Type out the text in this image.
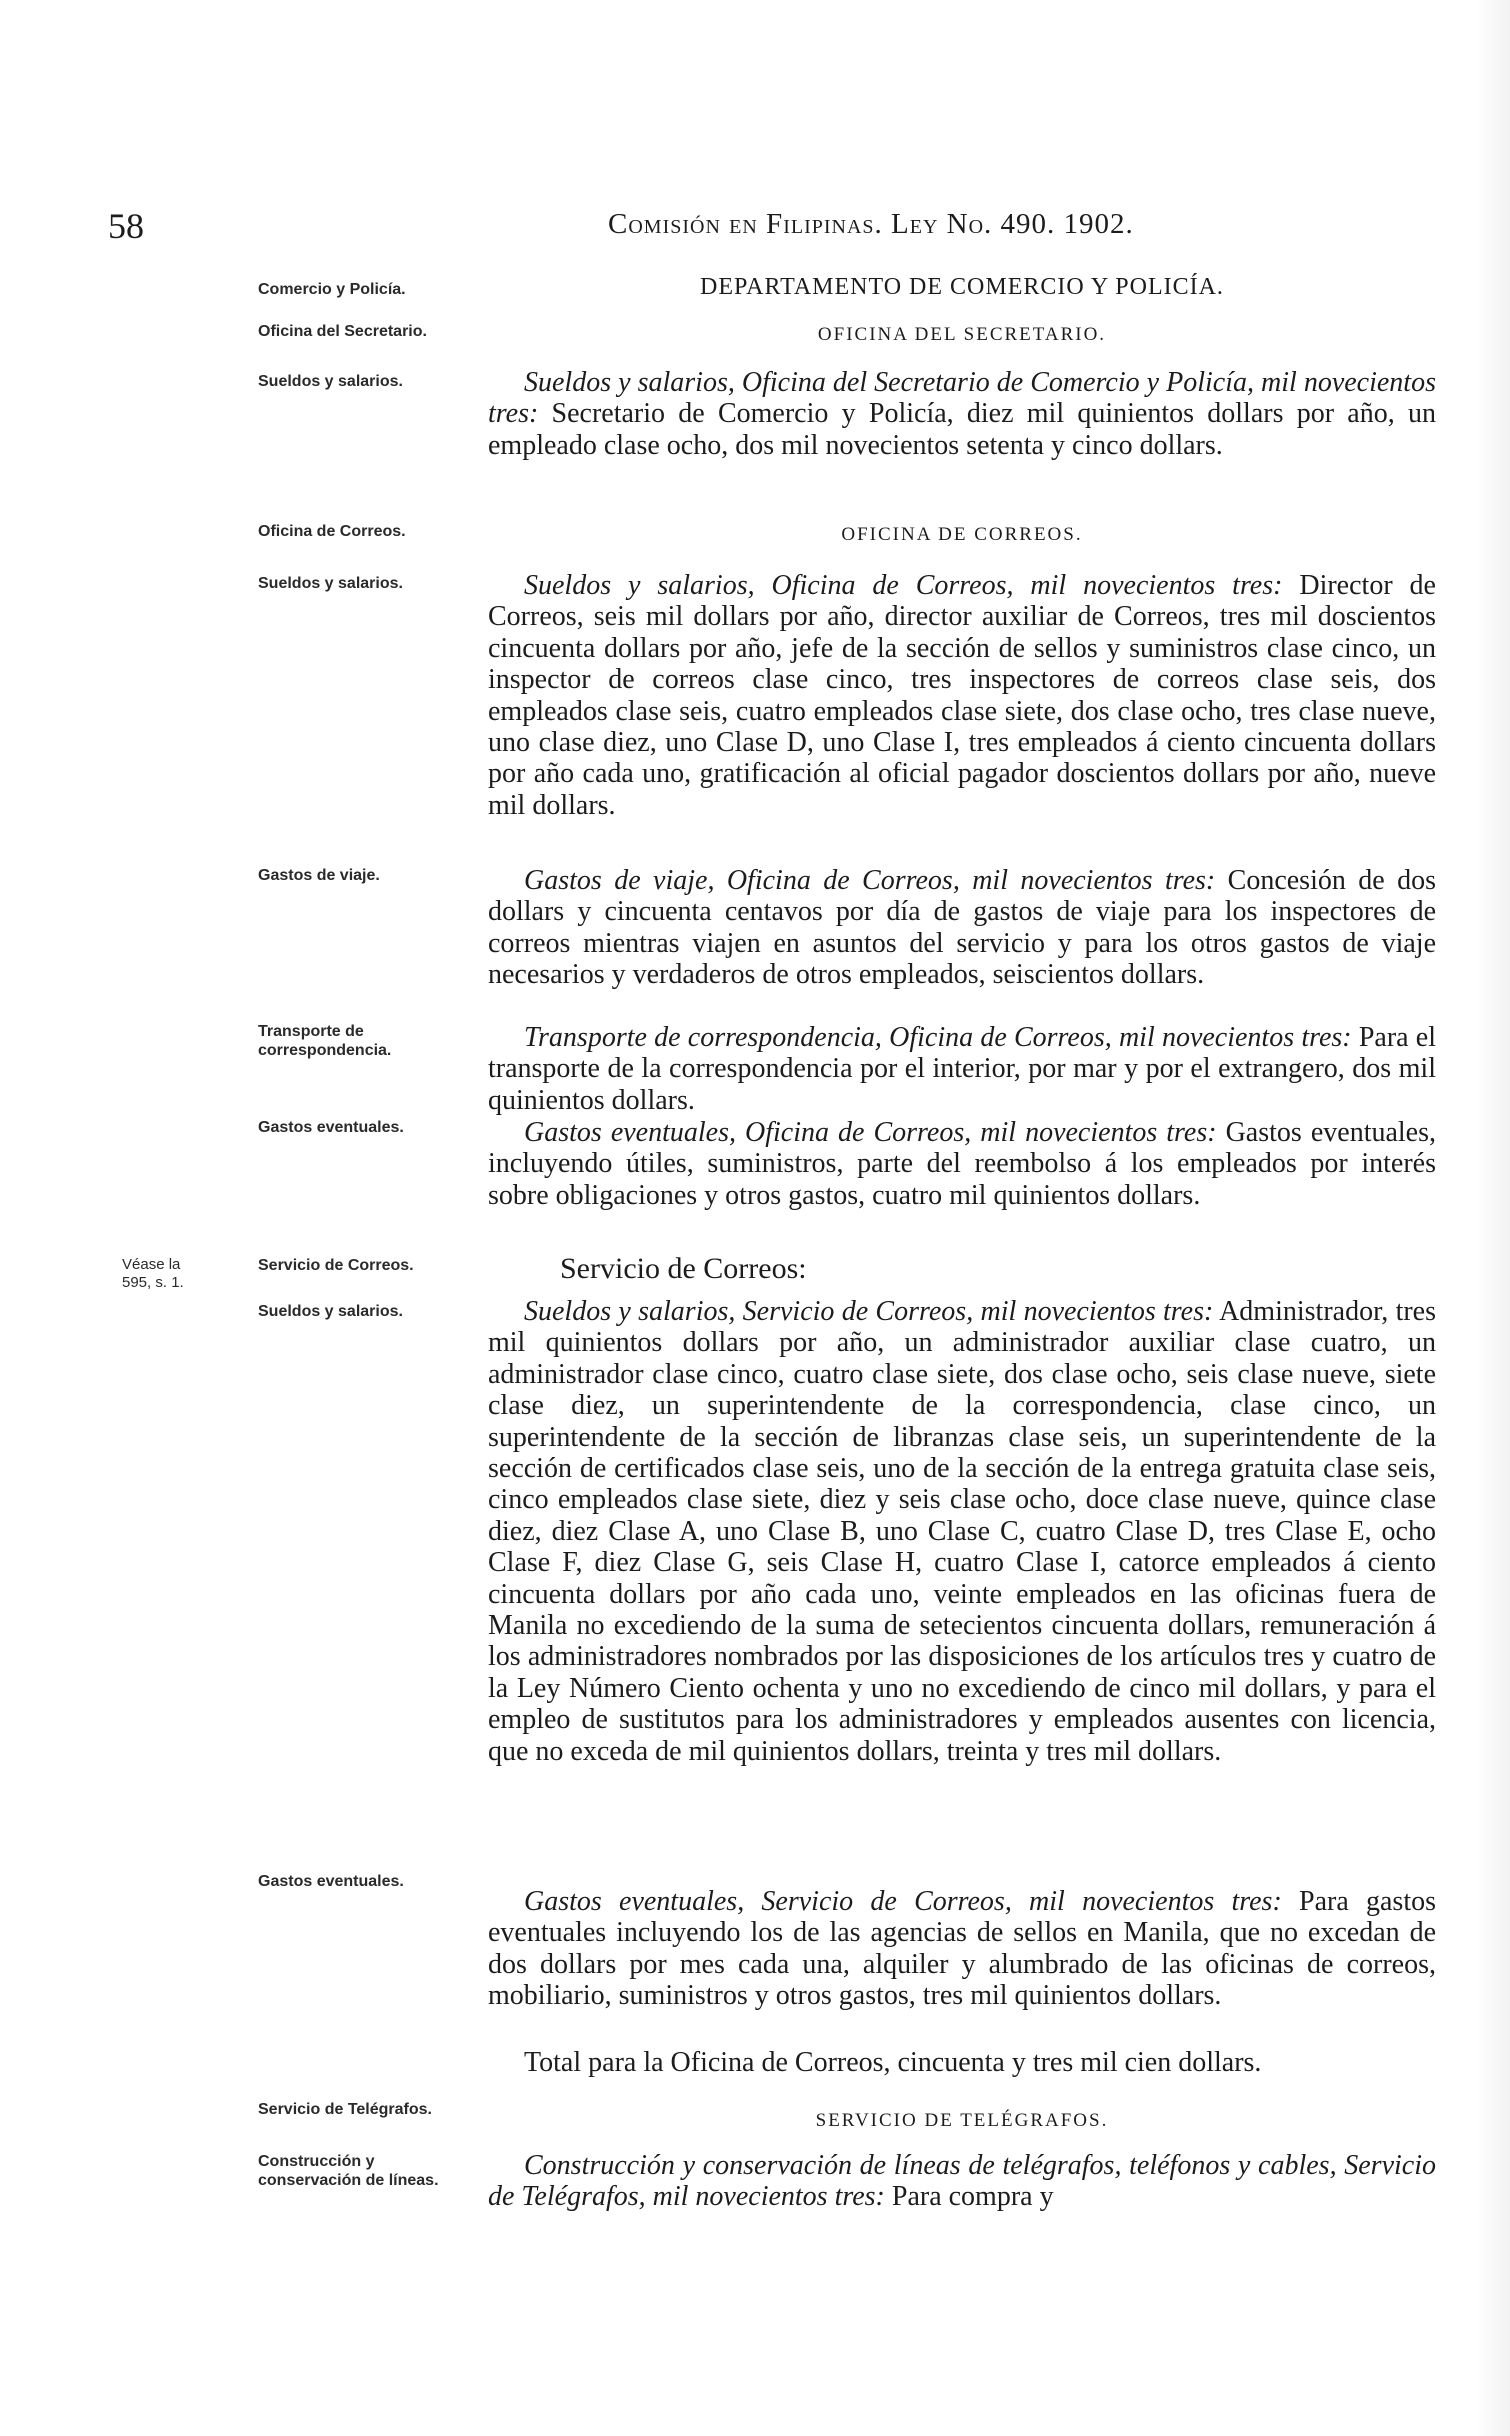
58	Comisión en Filipinas. Ley No. 490. 1902.
Comercio y Policía.
Oficina del Secretario.
Sueldos y salarios.
Oficina de Correos.
Sueldos y salarios.
Gastos de viaje.
Transporte de correspondencia.
Gastos eventuales.
Servicio de Correos.
Sueldos y salarios.
Gastos eventuales.
Servicio de Telégrafos.
Construcción y conservación de líneas.
Véase la 595, s. 1.
DEPARTAMENTO DE COMERCIO Y POLICÍA.
OFICINA DEL SECRETARIO.
OFICINA DE CORREOS.
Servicio de Correos:
SERVICIO DE TELÉGRAFOS.
Sueldos y salarios, Oficina del Secretario de Comercio y Policía, mil novecientos tres: Secretario de Comercio y Policía, diez mil quinientos dollars por año, un empleado clase ocho, dos mil novecientos setenta y cinco dollars.
Sueldos y salarios, Oficina de Correos, mil novecientos tres: Director de Correos, seis mil dollars por año, director auxiliar de Correos, tres mil doscientos cincuenta dollars por año, jefe de la sección de sellos y suministros clase cinco, un inspector de correos clase cinco, tres inspectores de correos clase seis, dos empleados clase seis, cuatro empleados clase siete, dos clase ocho, tres clase nueve, uno clase diez, uno Clase D, uno Clase I, tres empleados á ciento cincuenta dollars por año cada uno, gratificación al oficial pagador doscientos dollars por año, nueve mil dollars.
Gastos de viaje, Oficina de Correos, mil novecientos tres: Concesión de dos dollars y cincuenta centavos por día de gastos de viaje para los inspectores de correos mientras viajen en asuntos del servicio y para los otros gastos de viaje necesarios y verdaderos de otros empleados, seiscientos dollars.
Transporte de correspondencia, Oficina de Correos, mil novecientos tres: Para el transporte de la correspondencia por el interior, por mar y por el extrangero, dos mil quinientos dollars.
Gastos eventuales, Oficina de Correos, mil novecientos tres: Gastos eventuales, incluyendo útiles, suministros, parte del reembolso á los empleados por interés sobre obligaciones y otros gastos, cuatro mil quinientos dollars.
Sueldos y salarios, Servicio de Correos, mil novecientos tres: Administrador, tres mil quinientos dollars por año, un administrador auxiliar clase cuatro, un administrador clase cinco, cuatro clase siete, dos clase ocho, seis clase nueve, siete clase diez, un superintendente de la correspondencia, clase cinco, un superintendente de la sección de libranzas clase seis, un superintendente de la sección de certificados clase seis, uno de la sección de la entrega gratuita clase seis, cinco empleados clase siete, diez y seis clase ocho, doce clase nueve, quince clase diez, diez Clase A, uno Clase B, uno Clase C, cuatro Clase D, tres Clase E, ocho Clase F, diez Clase G, seis Clase H, cuatro Clase I, catorce empleados á ciento cincuenta dollars por año cada uno, veinte empleados en las oficinas fuera de Manila no excediendo de la suma de setecientos cincuenta dollars, remuneración á los administradores nombrados por las disposiciones de los artículos tres y cuatro de la Ley Número Ciento ochenta y uno no excediendo de cinco mil dollars, y para el empleo de sustitutos para los administradores y empleados ausentes con licencia, que no exceda de mil quinientos dollars, treinta y tres mil dollars.
Gastos eventuales, Servicio de Correos, mil novecientos tres: Para gastos eventuales incluyendo los de las agencias de sellos en Manila, que no excedan de dos dollars por mes cada una, alquiler y alumbrado de las oficinas de correos, mobiliario, suministros y otros gastos, tres mil quinientos dollars.
Total para la Oficina de Correos, cincuenta y tres mil cien dollars.
Construcción y conservación de líneas de telégrafos, teléfonos y cables, Servicio de Telégrafos, mil novecientos tres: Para compra y
